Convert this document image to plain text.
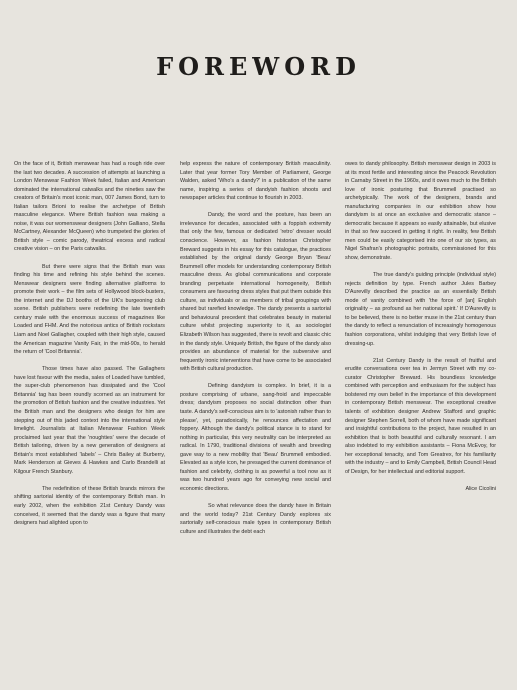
FOREWORD

On the face of it, British menswear has had a rough ride over the last two decades. A succession of attempts at launching a London Menswear Fashion Week failed, Italian and American dominated the international catwalks and the nineties saw the creators of Britain's most iconic man, 007 James Bond, turn to Italian tailors Brioni to realise the archetype of British masculine elegance. Where British fashion was making a noise, it was our womenswear designers (John Galliano, Stella McCartney, Alexander McQueen) who trumpeted the glories of British style – comic parody, theatrical excess and radical creative vision – on the Paris catwalks.

But there were signs that the British man was finding his time and refining his style behind the scenes. Menswear designers were finding alternative platforms to promote their work – the film sets of Hollywood block-busters, the internet and the DJ booths of the UK's burgeoning club scene. British publishers were redefining the late twentieth century male with the enormous success of magazines like Loaded and FHM. And the notorious antics of British rockstars Liam and Noel Gallagher, coupled with their high style, caused the American magazine Vanity Fair, in the mid-90s, to herald the return of 'Cool Britannia'.

Those times have also passed. The Gallaghers have lost favour with the media, sales of Loaded have tumbled, the super-club phenomenon has dissipated and the 'Cool Britannia' tag has been roundly scorned as an instrument for the promotion of British fashion and the creative industries. Yet the British man and the designers who design for him are stepping out of this jaded context into the international style limelight. Journalists at Italian Menswear Fashion Week proclaimed last year that the 'noughties' were the decade of British tailoring, driven by a new generation of designers at Britain's most established 'labels' – Chris Bailey at Burberry, Mark Henderson at Gieves & Hawkes and Carlo Brandelli at Kilgour French Stanbury.

The redefinition of these British brands mirrors the shifting sartorial identity of the contemporary British man. In early 2002, when the exhibition 21st Century Dandy was conceived, it seemed that the dandy was a figure that many designers had alighted upon to

help express the nature of contemporary British masculinity. Later that year former Tory Member of Parliament, George Walden, asked 'Who's a dandy?' in a publication of the same name, inspiring a series of dandyish fashion shoots and newspaper articles that continue to flourish in 2003.

Dandy, the word and the posture, has been an irrelevance for decades, associated with a foppish extremity that only the few, famous or dedicated 'retro' dresser would conscience. However, as fashion historian Christopher Breward suggests in his essay for this catalogue, the practices established by the original dandy George Bryan 'Beau' Brummell offer models for understanding contemporary British masculine dress. As global communications and corporate branding perpetuate international homogeneity, British consumers are favouring dress styles that put them outside this culture, as individuals or as members of tribal groupings with shared but rarefied knowledge. The dandy presents a sartorial and behavioural precedent that celebrates beauty in material culture whilst projecting superiority to it, as sociologist Elizabeth Wilson has suggested, there is revolt and classic chic in the dandy style. Uniquely British, the figure of the dandy also provides an abundance of material for the subversive and frequently ironic interventions that have come to be associated with British cultural production.

Defining dandyism is complex. In brief, it is a posture comprising of urbane, sang-froid and impeccable dress; dandyism proposes no social distinction other than taste. A dandy's self-conscious aim is to 'astonish rather than to please', yet, paradoxically, he renounces affectation and foppery. Although the dandy's political stance is to stand for nothing in particular, this very neutrality can be interpreted as radical. In 1790, traditional divisions of wealth and breeding gave way to a new mobility that 'Beau' Brummell embodied. Elevated as a style icon, he presaged the current dominance of fashion and celebrity, clothing is as powerful a tool now as it was two hundred years ago for conveying new social and economic directions.

So what relevance does the dandy have in Britain and the world today? 21st Century Dandy explores six sartorially self-conscious male types in contemporary British culture and illustrates the debt each

owes to dandy philosophy. British menswear design in 2003 is at its most fertile and interesting since the Peacock Revolution in Carnaby Street in the 1960s, and it owes much to the British love of ironic posturing that Brummell practised so archetypically. The work of the designers, brands and manufacturing companies in our exhibition show how dandyism is at once an exclusive and democratic stance – democratic because it appears so easily attainable, but elusive in that so few succeed in getting it right. In reality, few British men could be easily categorised into one of our six types, as Nigel Shafran's photographic portraits, commissioned for this show, demonstrate.

The true dandy's guiding principle (individual style) rejects definition by type. French author Jules Barbey D'Aurevilly described the practice as an essentially British mode of vanity combined with 'the force of [an] English originality – as profound as her national spirit.' If D'Aurevilly is to be believed, there is no better muse in the 21st century than the dandy to reflect a renunciation of increasingly homogenous fashion corporations, whilst indulging that very British love of dressing-up.

21st Century Dandy is the result of fruitful and erudite conversations over tea in Jermyn Street with my co-curator Christopher Breward. His boundless knowledge combined with perception and enthusiasm for the subject has bolstered my own belief in the importance of this development in contemporary British menswear. The exceptional creative talents of exhibition designer Andrew Stafford and graphic designer Stephen Sorrell, both of whom have made significant and insightful contributions to the project, have resulted in an exhibition that is both beautiful and culturally resonant. I am also indebted to my exhibition assistants – Fiona McEvoy, for her exceptional tenacity, and Tom Greatrex, for his familiarity with the industry – and to Emily Campbell, British Council Head of Design, for her intellectual and editorial support.

Alice Cicolini
